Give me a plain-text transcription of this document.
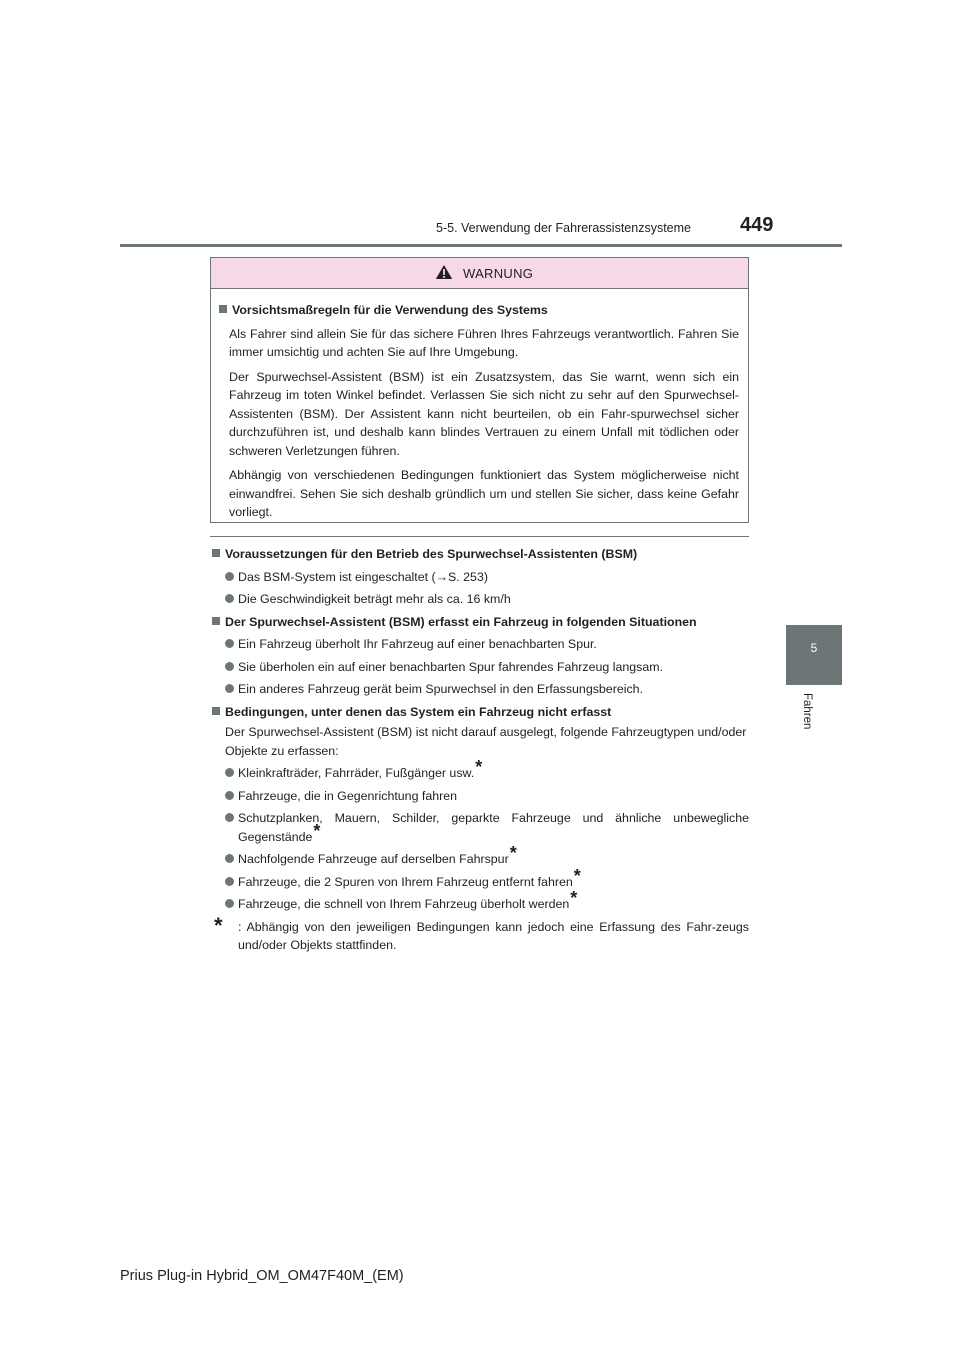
5-5. Verwendung der Fahrerassistenzsysteme 449
5
Fahren
WARNUNG
Vorsichtsmaßregeln für die Verwendung des Systems
Als Fahrer sind allein Sie für das sichere Führen Ihres Fahrzeugs verantwortlich. Fahren Sie immer umsichtig und achten Sie auf Ihre Umgebung.
Der Spurwechsel-Assistent (BSM) ist ein Zusatzsystem, das Sie warnt, wenn sich ein Fahrzeug im toten Winkel befindet. Verlassen Sie sich nicht zu sehr auf den Spurwechsel-Assistenten (BSM). Der Assistent kann nicht beurteilen, ob ein Fahr-spurwechsel sicher durchzuführen ist, und deshalb kann blindes Vertrauen zu einem Unfall mit tödlichen oder schweren Verletzungen führen.
Abhängig von verschiedenen Bedingungen funktioniert das System möglicherweise nicht einwandfrei. Sehen Sie sich deshalb gründlich um und stellen Sie sicher, dass keine Gefahr vorliegt.
Voraussetzungen für den Betrieb des Spurwechsel-Assistenten (BSM)
Das BSM-System ist eingeschaltet (→S. 253)
Die Geschwindigkeit beträgt mehr als ca. 16 km/h
Der Spurwechsel-Assistent (BSM) erfasst ein Fahrzeug in folgenden Situationen
Ein Fahrzeug überholt Ihr Fahrzeug auf einer benachbarten Spur.
Sie überholen ein auf einer benachbarten Spur fahrendes Fahrzeug langsam.
Ein anderes Fahrzeug gerät beim Spurwechsel in den Erfassungsbereich.
Bedingungen, unter denen das System ein Fahrzeug nicht erfasst
Der Spurwechsel-Assistent (BSM) ist nicht darauf ausgelegt, folgende Fahrzeugtypen und/oder Objekte zu erfassen:
Kleinkrafträder, Fahrräder, Fußgänger usw.*
Fahrzeuge, die in Gegenrichtung fahren
Schutzplanken, Mauern, Schilder, geparkte Fahrzeuge und ähnliche unbewegliche Gegenstände*
Nachfolgende Fahrzeuge auf derselben Fahrspur*
Fahrzeuge, die 2 Spuren von Ihrem Fahrzeug entfernt fahren*
Fahrzeuge, die schnell von Ihrem Fahrzeug überholt werden*
* : Abhängig von den jeweiligen Bedingungen kann jedoch eine Erfassung des Fahr-zeugs und/oder Objekts stattfinden.
Prius Plug-in Hybrid_OM_OM47F40M_(EM)
